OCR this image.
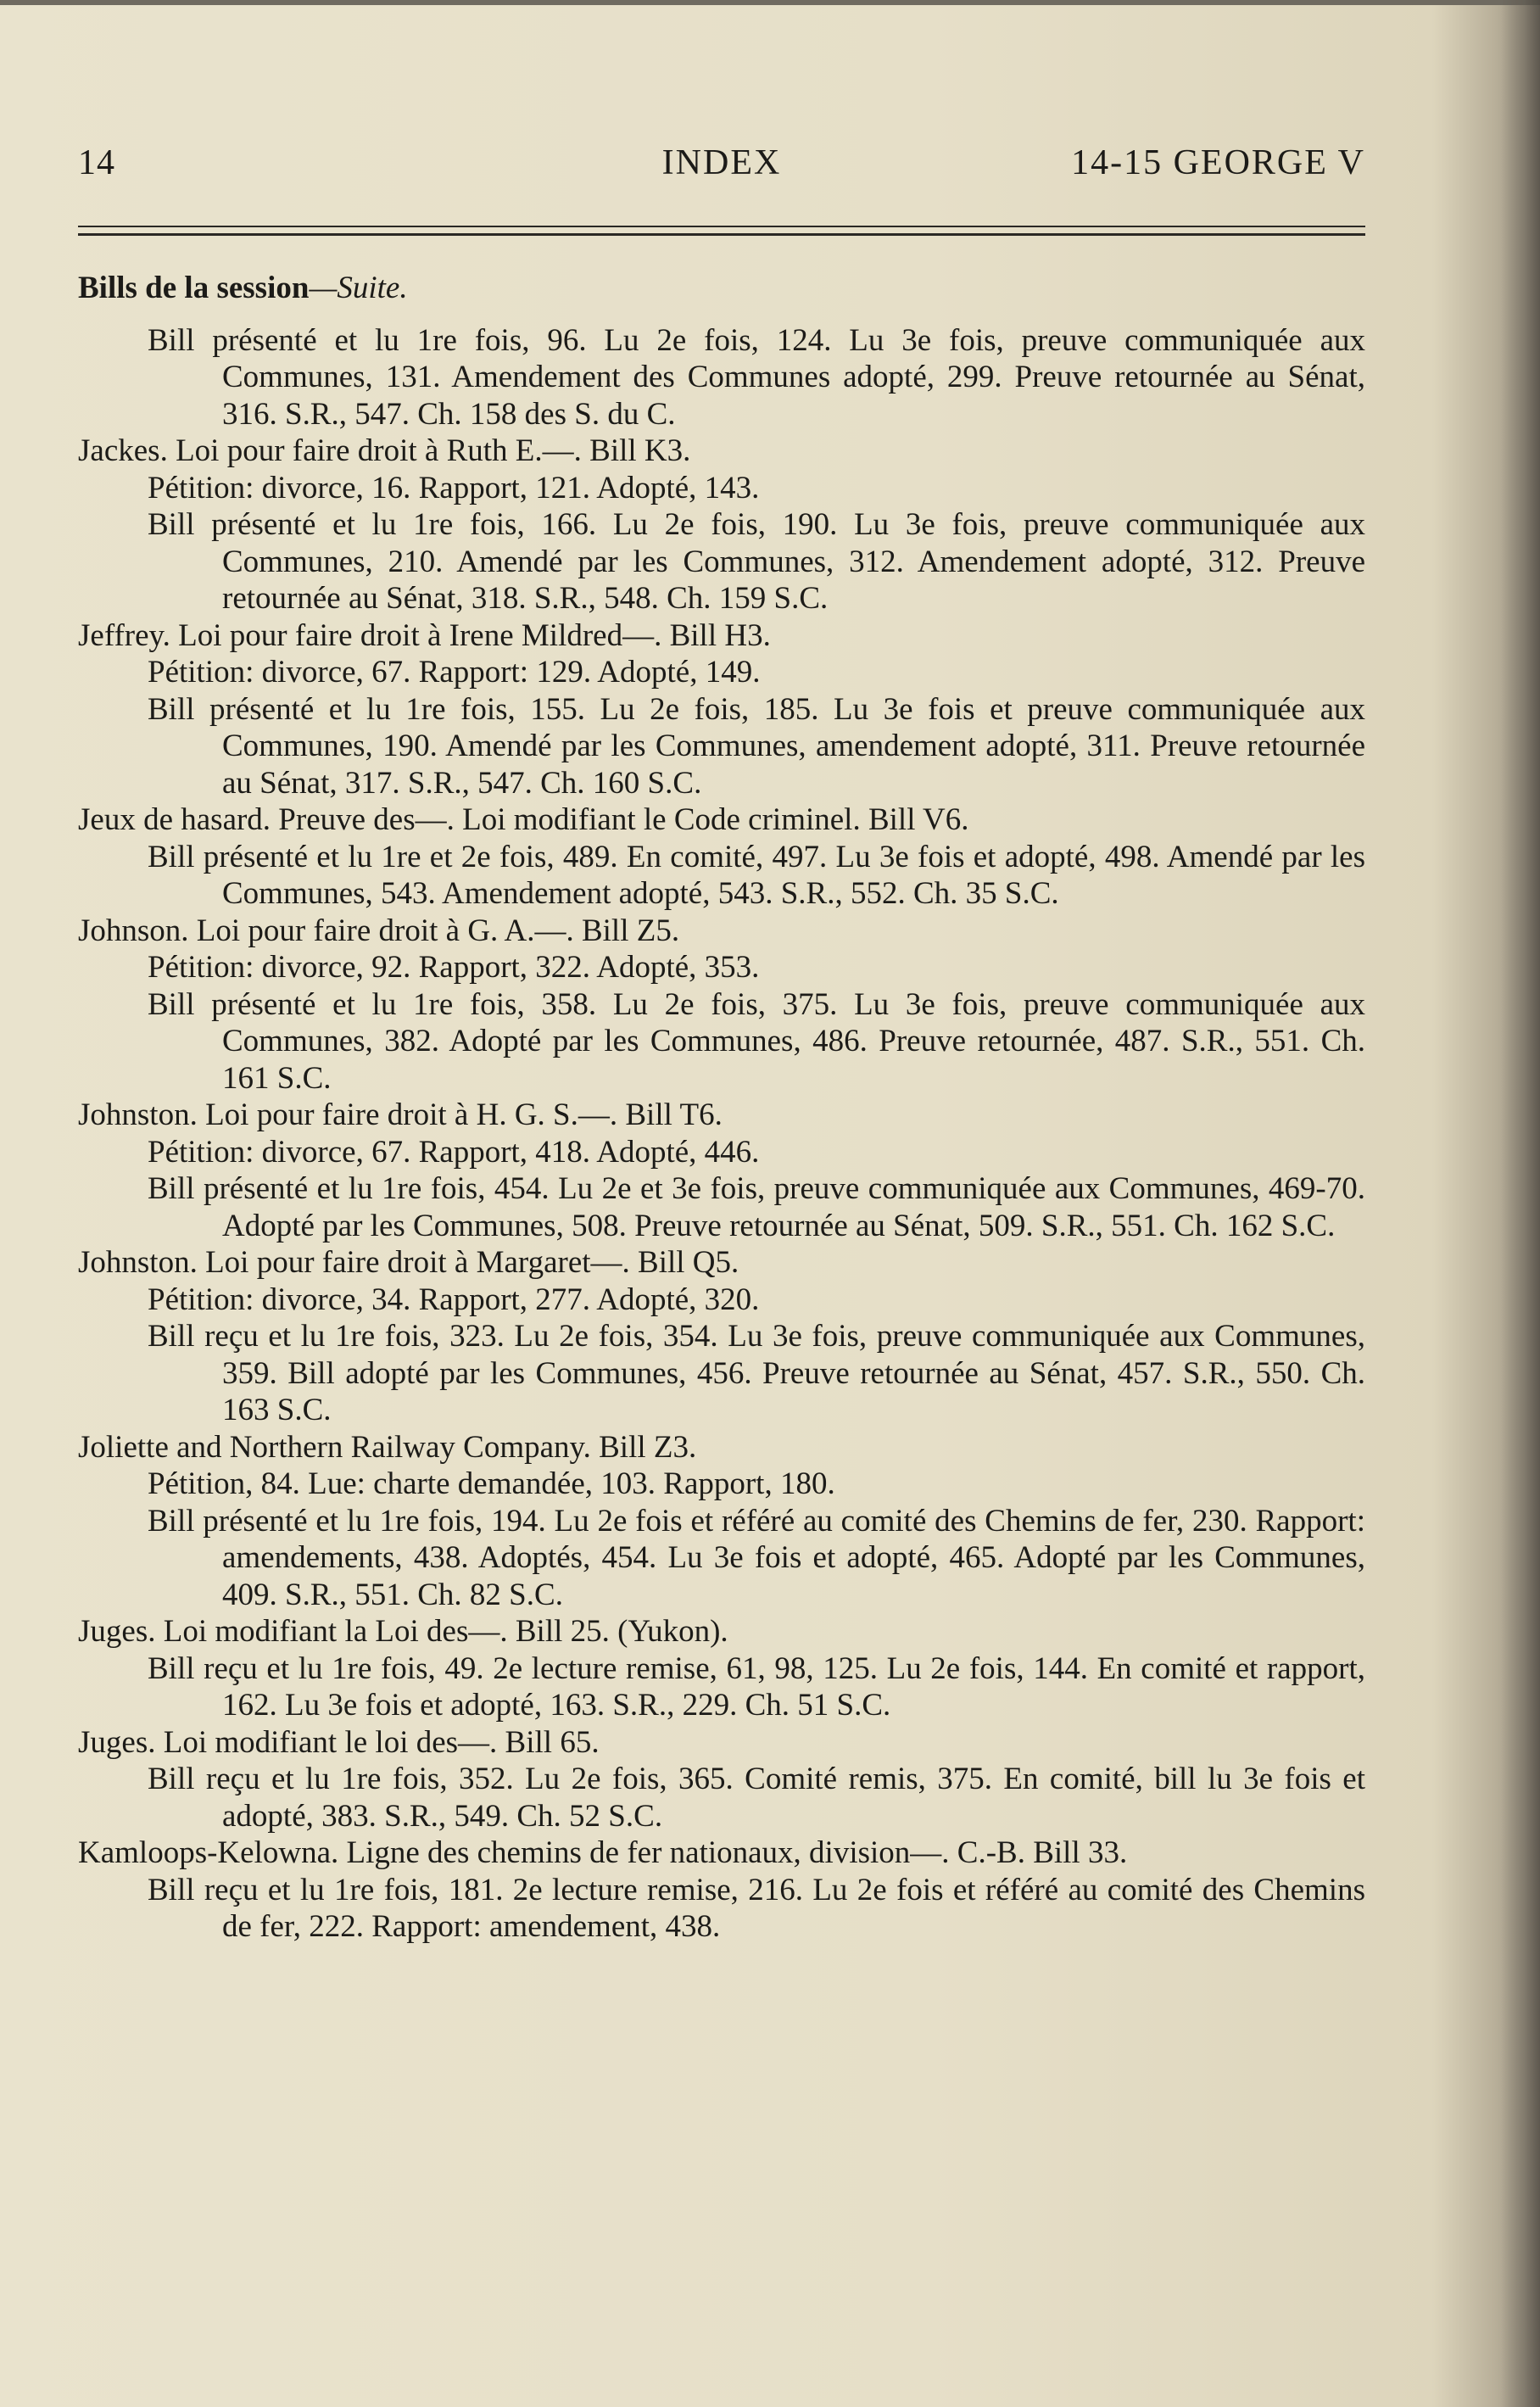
14	INDEX	14-15 GEORGE V

Bills de la session—Suite.

Bill présenté et lu 1re fois, 96. Lu 2e fois, 124. Lu 3e fois, preuve communiquée aux Communes, 131. Amendement des Communes adopté, 299. Preuve retournée au Sénat, 316. S.R., 547. Ch. 158 des S. du C.

Jackes. Loi pour faire droit à Ruth E.—. Bill K3.

Pétition: divorce, 16. Rapport, 121. Adopté, 143.

Bill présenté et lu 1re fois, 166. Lu 2e fois, 190. Lu 3e fois, preuve communiquée aux Communes, 210. Amendé par les Communes, 312. Amendement adopté, 312. Preuve retournée au Sénat, 318. S.R., 548. Ch. 159 S.C.

Jeffrey. Loi pour faire droit à Irene Mildred—. Bill H3.

Pétition: divorce, 67. Rapport: 129. Adopté, 149.

Bill présenté et lu 1re fois, 155. Lu 2e fois, 185. Lu 3e fois et preuve communiquée aux Communes, 190. Amendé par les Communes, amendement adopté, 311. Preuve retournée au Sénat, 317. S.R., 547. Ch. 160 S.C.

Jeux de hasard. Preuve des—. Loi modifiant le Code criminel. Bill V6.

Bill présenté et lu 1re et 2e fois, 489. En comité, 497. Lu 3e fois et adopté, 498. Amendé par les Communes, 543. Amendement adopté, 543. S.R., 552. Ch. 35 S.C.

Johnson. Loi pour faire droit à G. A.—. Bill Z5.

Pétition: divorce, 92. Rapport, 322. Adopté, 353.

Bill présenté et lu 1re fois, 358. Lu 2e fois, 375. Lu 3e fois, preuve communiquée aux Communes, 382. Adopté par les Communes, 486. Preuve retournée, 487. S.R., 551. Ch. 161 S.C.

Johnston. Loi pour faire droit à H. G. S.—. Bill T6.

Pétition: divorce, 67. Rapport, 418. Adopté, 446.

Bill présenté et lu 1re fois, 454. Lu 2e et 3e fois, preuve communiquée aux Communes, 469-70. Adopté par les Communes, 508. Preuve retournée au Sénat, 509. S.R., 551. Ch. 162 S.C.

Johnston. Loi pour faire droit à Margaret—. Bill Q5.

Pétition: divorce, 34. Rapport, 277. Adopté, 320.

Bill reçu et lu 1re fois, 323. Lu 2e fois, 354. Lu 3e fois, preuve communiquée aux Communes, 359. Bill adopté par les Communes, 456. Preuve retournée au Sénat, 457. S.R., 550. Ch. 163 S.C.

Joliette and Northern Railway Company. Bill Z3.

Pétition, 84. Lue: charte demandée, 103. Rapport, 180.

Bill présenté et lu 1re fois, 194. Lu 2e fois et référé au comité des Chemins de fer, 230. Rapport: amendements, 438. Adoptés, 454. Lu 3e fois et adopté, 465. Adopté par les Communes, 409. S.R., 551. Ch. 82 S.C.

Juges. Loi modifiant la Loi des—. Bill 25. (Yukon).

Bill reçu et lu 1re fois, 49. 2e lecture remise, 61, 98, 125. Lu 2e fois, 144. En comité et rapport, 162. Lu 3e fois et adopté, 163. S.R., 229. Ch. 51 S.C.

Juges. Loi modifiant le loi des—. Bill 65.

Bill reçu et lu 1re fois, 352. Lu 2e fois, 365. Comité remis, 375. En comité, bill lu 3e fois et adopté, 383. S.R., 549. Ch. 52 S.C.

Kamloops-Kelowna. Ligne des chemins de fer nationaux, division—. C.-B. Bill 33.

Bill reçu et lu 1re fois, 181. 2e lecture remise, 216. Lu 2e fois et référé au comité des Chemins de fer, 222. Rapport: amendement, 438.
